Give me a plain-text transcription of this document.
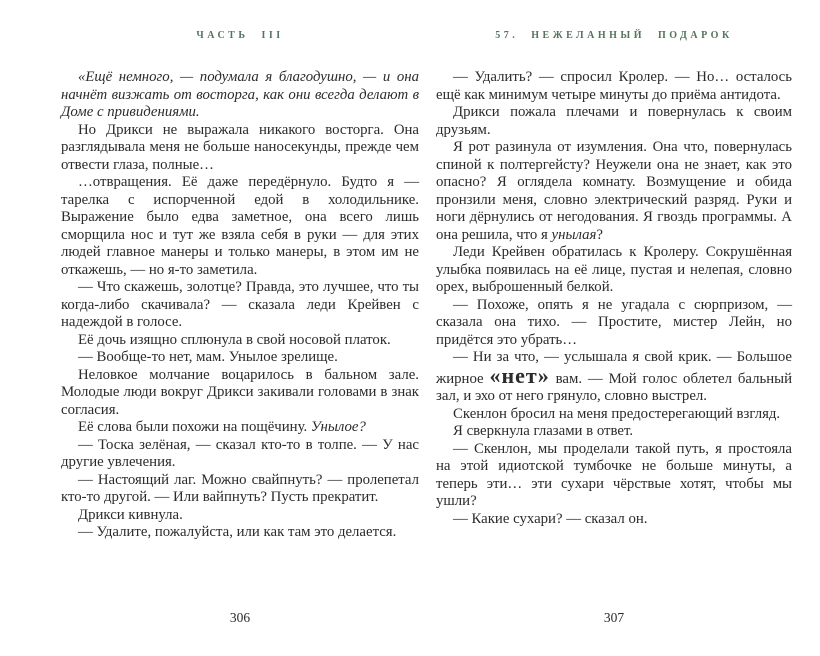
ЧАСТЬ III

«Ещё немного, — подумала я благодушно, — и она начнёт визжать от восторга, как они всегда делают в Доме с привидениями.

Но Дрикси не выражала никакого восторга. Она разглядывала меня не больше наносекунды, прежде чем отвести глаза, полные…

…отвращения. Её даже передёрнуло. Будто я — тарелка с испорченной едой в холодильнике. Выражение было едва заметное, она всего лишь сморщила нос и тут же взяла себя в руки — для этих людей главное манеры и только манеры, в этом им не откажешь, — но я-то заметила.

— Что скажешь, золотце? Правда, это лучшее, что ты когда-либо скачивала? — сказала леди Крейвен с надеждой в голосе.

Её дочь изящно сплюнула в свой носовой платок.

— Вообще-то нет, мам. Унылое зрелище.

Неловкое молчание воцарилось в бальном зале. Молодые люди вокруг Дрикси закивали головами в знак согласия.

Её слова были похожи на пощёчину. Унылое?

— Тоска зелёная, — сказал кто-то в толпе. — У нас другие увлечения.

— Настоящий лаг. Можно свайпнуть? — пролепетал кто-то другой. — Или вайпнуть? Пусть прекратит.

Дрикси кивнула.

— Удалите, пожалуйста, или как там это делается.

57. НЕЖЕЛАННЫЙ ПОДАРОК

— Удалить? — спросил Кролер. — Но… осталось ещё как минимум четыре минуты до приёма антидота.

Дрикси пожала плечами и повернулась к своим друзьям.

Я рот разинула от изумления. Она что, повернулась спиной к полтергейсту? Неужели она не знает, как это опасно? Я оглядела комнату. Возмущение и обида пронзили меня, словно электрический разряд. Руки и ноги дёрнулись от негодования. Я гвоздь программы. А она решила, что я унылая?

Леди Крейвен обратилась к Кролеру. Сокрушённая улыбка появилась на её лице, пустая и нелепая, словно орех, выброшенный белкой.

— Похоже, опять я не угадала с сюрпризом, — сказала она тихо. — Простите, мистер Лейн, но придётся это убрать…

— Ни за что, — услышала я свой крик. — Большое жирное «нет» вам. — Мой голос облетел бальный зал, и эхо от него грянуло, словно выстрел.

Скенлон бросил на меня предостерегающий взгляд.

Я сверкнула глазами в ответ.

— Скенлон, мы проделали такой путь, я простояла на этой идиотской тумбочке не больше минуты, а теперь эти… эти сухари чёрствые хотят, чтобы мы ушли?

— Какие сухари? — сказал он.

306	307
